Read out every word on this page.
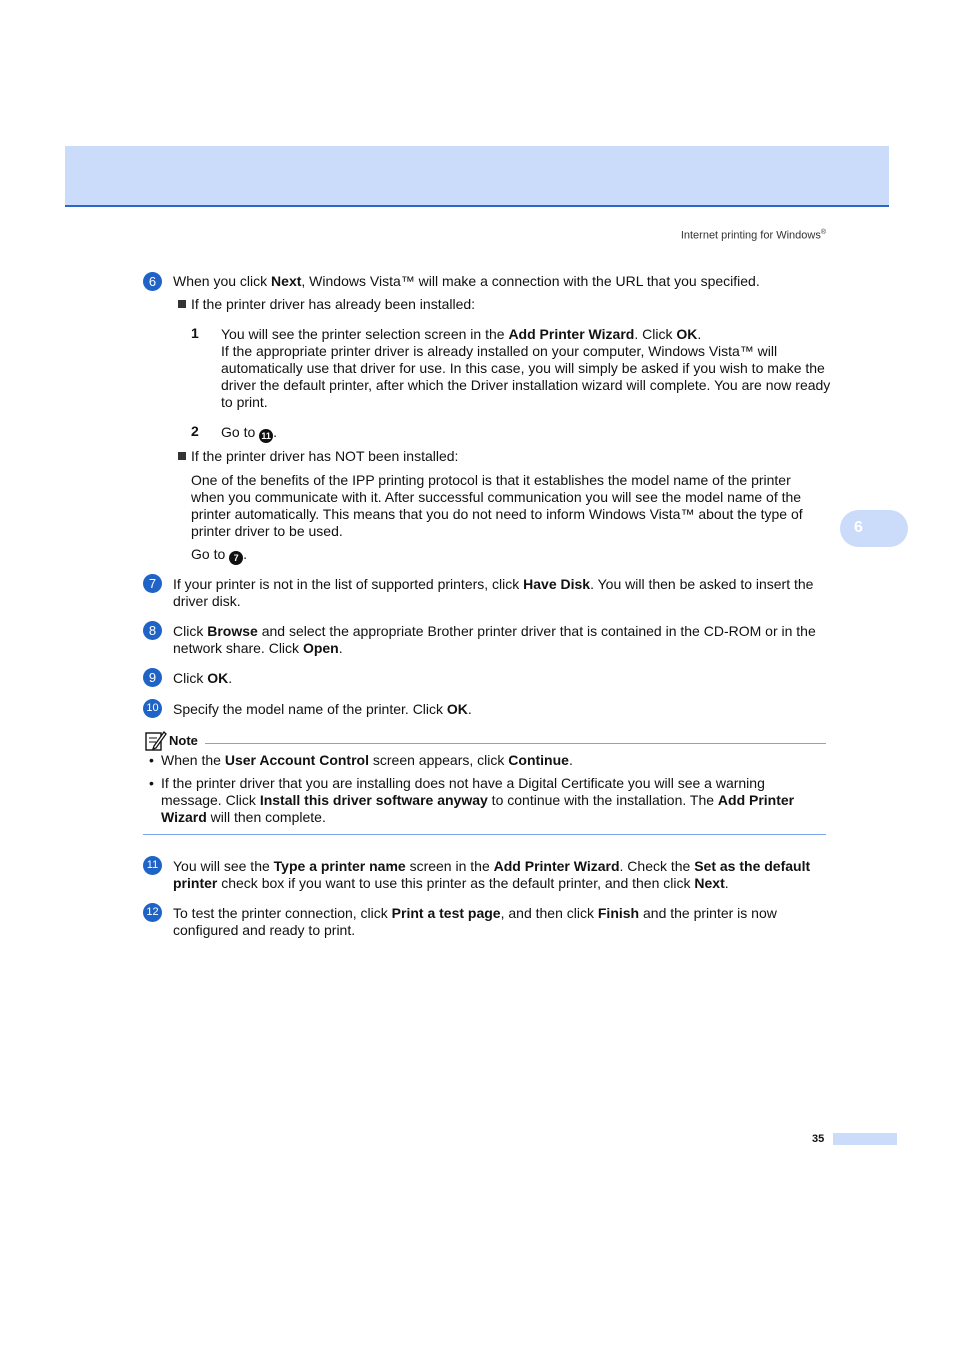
Internet printing for Windows®
6
6	When you click Next, Windows Vista™ will make a connection with the URL that you specified.
If the printer driver has already been installed:
1 You will see the printer selection screen in the Add Printer Wizard. Click OK.
If the appropriate printer driver is already installed on your computer, Windows Vista™ will automatically use that driver for use. In this case, you will simply be asked if you wish to make the driver the default printer, after which the Driver installation wizard will complete. You are now ready to print.
2 Go to 11 .
If the printer driver has NOT been installed:
One of the benefits of the IPP printing protocol is that it establishes the model name of the printer when you communicate with it. After successful communication you will see the model name of the printer automatically. This means that you do not need to inform Windows Vista™ about the type of printer driver to be used.
Go to 7 .
7	If your printer is not in the list of supported printers, click Have Disk. You will then be asked to insert the driver disk.
8	Click Browse and select the appropriate Brother printer driver that is contained in the CD-ROM or in the network share. Click Open.
9	Click OK.
10 Specify the model name of the printer. Click OK.
Note
• When the User Account Control screen appears, click Continue.
• If the printer driver that you are installing does not have a Digital Certificate you will see a warning message. Click Install this driver software anyway to continue with the installation. The Add Printer Wizard will then complete.
11 You will see the Type a printer name screen in the Add Printer Wizard. Check the Set as the default printer check box if you want to use this printer as the default printer, and then click Next.
12 To test the printer connection, click Print a test page, and then click Finish and the printer is now configured and ready to print.
35
